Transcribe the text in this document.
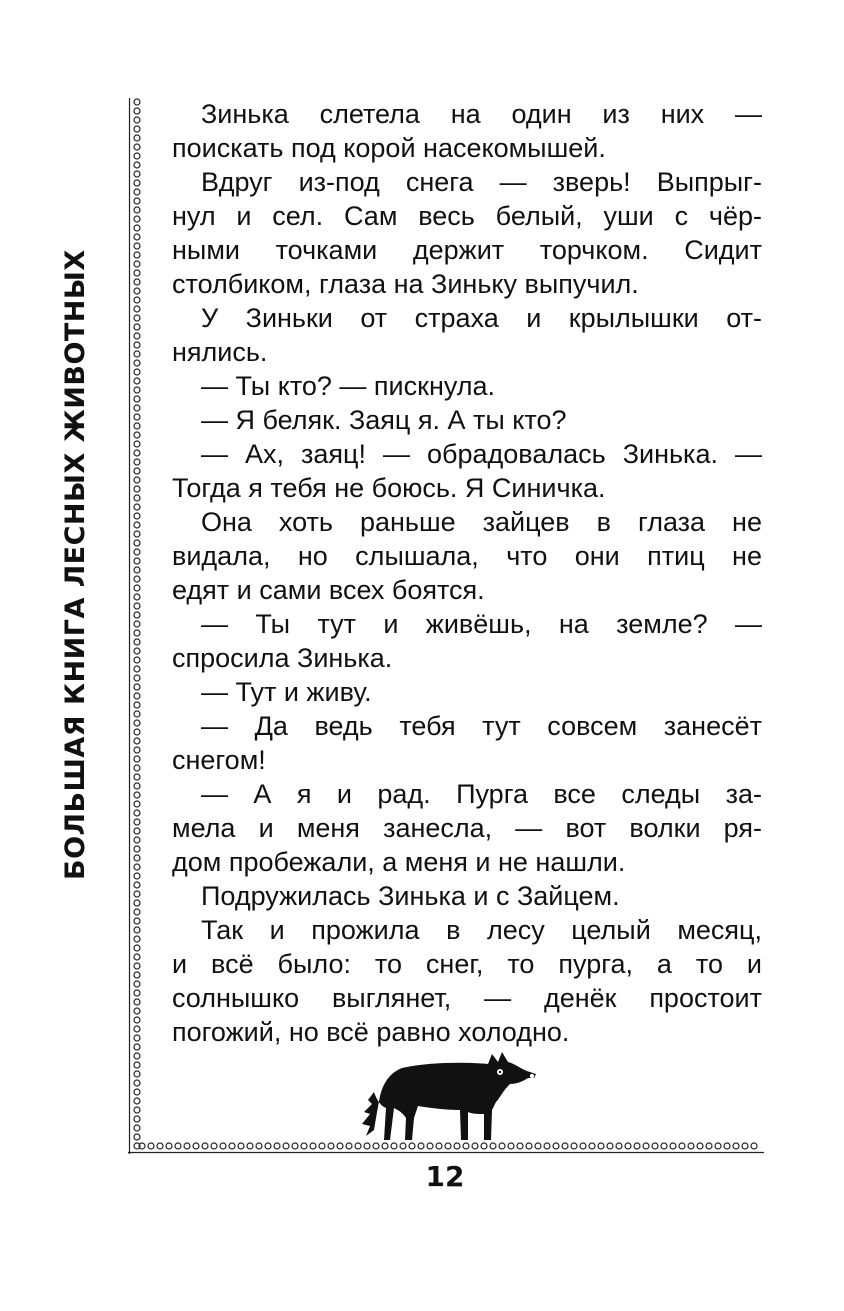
БОЛЬШАЯ КНИГА ЛЕСНЫХ ЖИВОТНЫХ
Зинька слетела на один из них —
поискать под корой насекомышей.
Вдруг из-под снега — зверь! Выпрыг-
нул и сел. Сам весь белый, уши с чёр-
ными точками держит торчком. Сидит
столбиком, глаза на Зиньку выпучил.
У Зиньки от страха и крылышки от-
нялись.
— Ты кто? — пискнула.
— Я беляк. Заяц я. А ты кто?
— Ах, заяц! — обрадовалась Зинька. —
Тогда я тебя не боюсь. Я Синичка.
Она хоть раньше зайцев в глаза не
видала, но слышала, что они птиц не
едят и сами всех боятся.
— Ты тут и живёшь, на земле? —
спросила Зинька.
— Тут и живу.
— Да ведь тебя тут совсем занесёт
снегом!
— А я и рад. Пурга все следы за-
мела и меня занесла, — вот волки ря-
дом пробежали, а меня и не нашли.
Подружилась Зинька и с Зайцем.
Так и прожила в лесу целый месяц,
и всё было: то снег, то пурга, а то и
солнышко выглянет, — денёк простоит
погожий, но всё равно холодно.
12
